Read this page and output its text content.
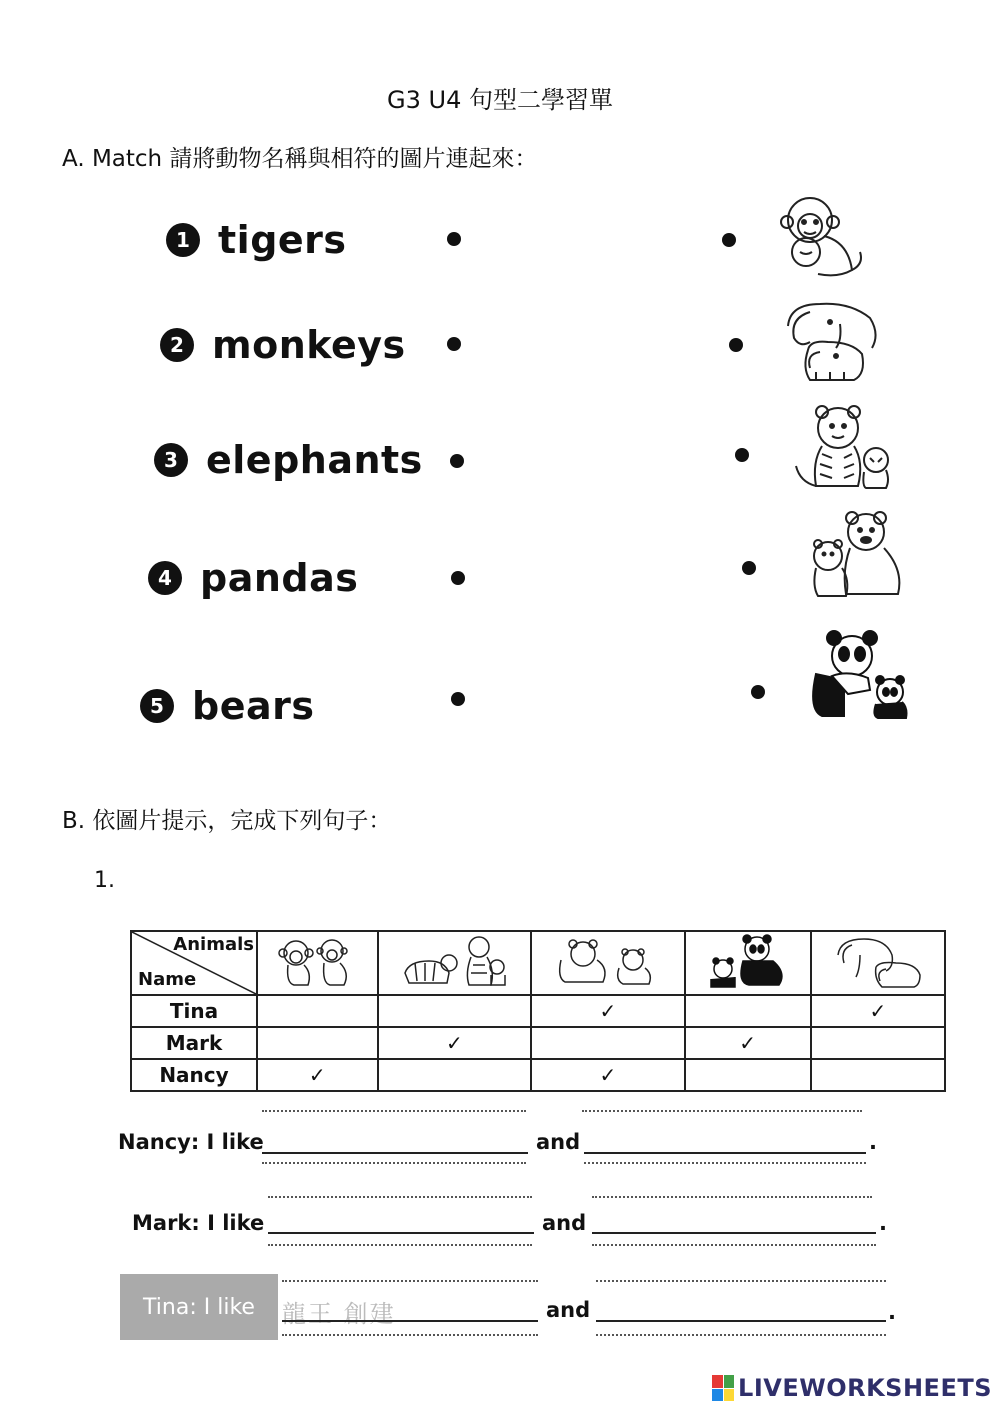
G3 U4 句型二學習單
A. Match 請將動物名稱與相符的圖片連起來：
1 tigers
2 monkeys
3 elephants
4 pandas
5 bears
B. 依圖片提示，完成下列句子：
1.
Animals
Name

Tina			✓		✓
Mark		✓		✓	
Nancy	✓		✓		
Nancy: I like	and	.
Mark: I like	and	.
Tina: I like	龍王 創建	and	.
LIVEWORKSHEETS
